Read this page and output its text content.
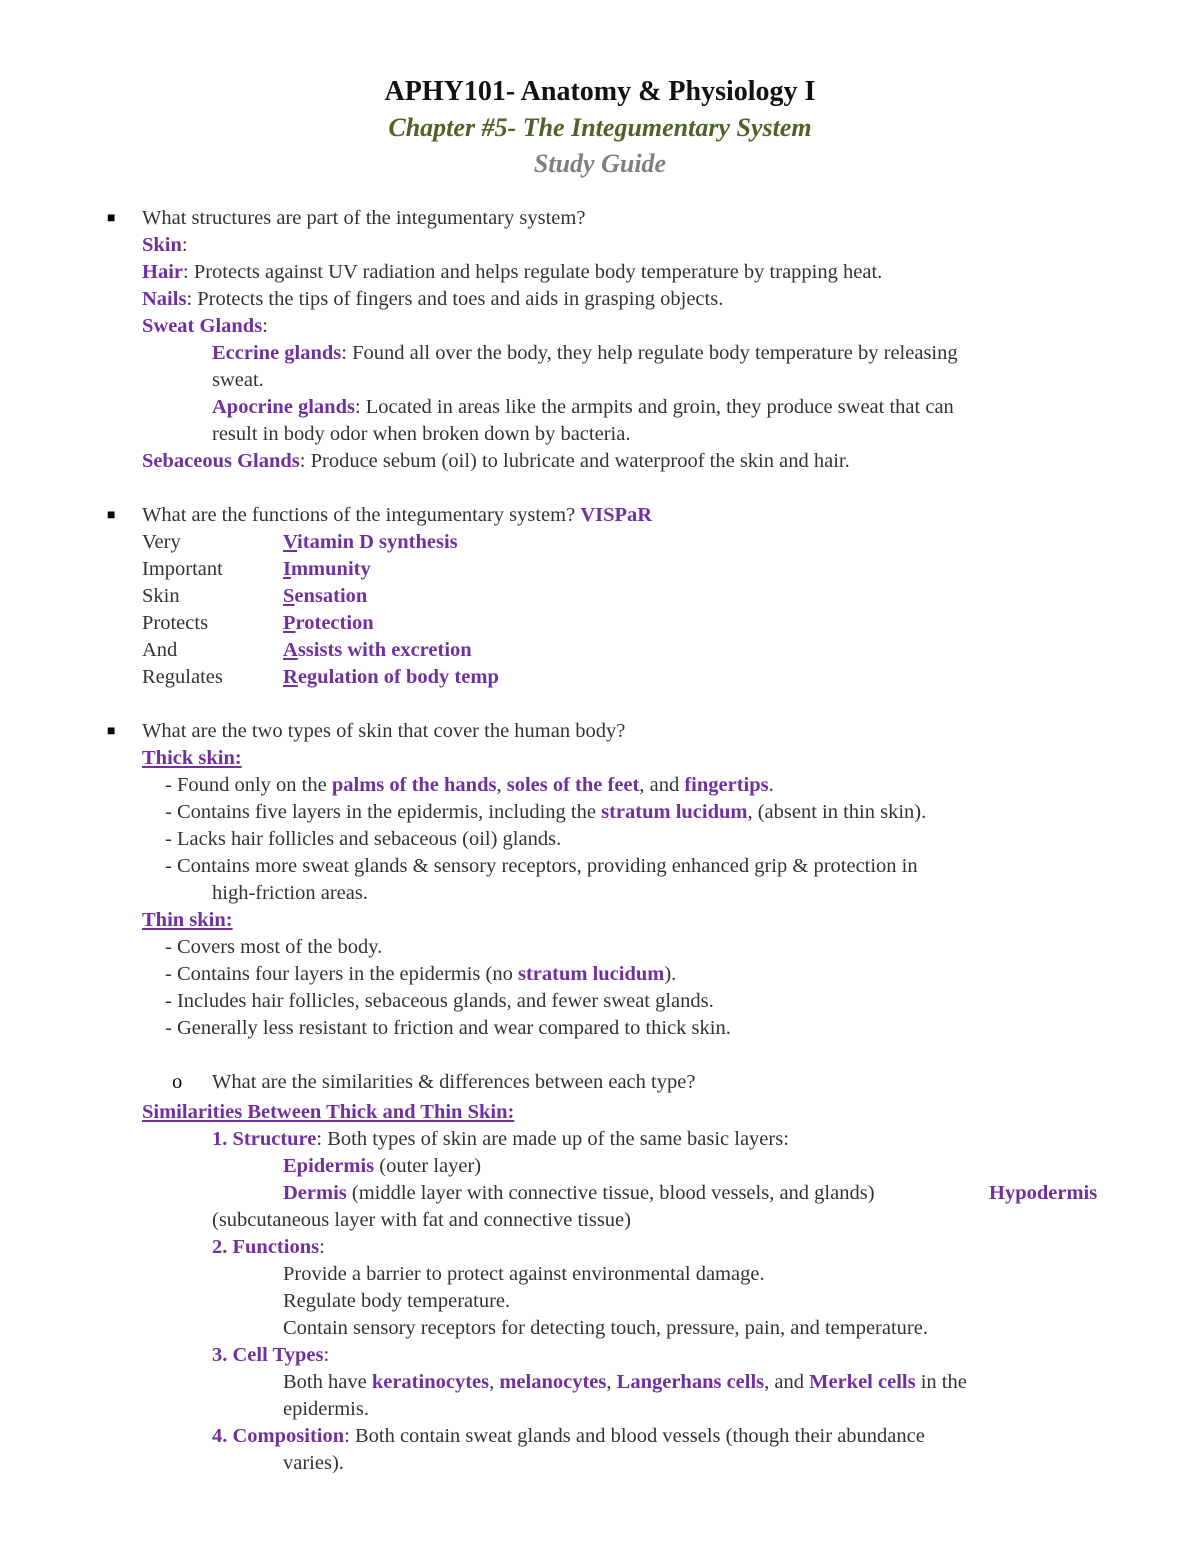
APHY101- Anatomy & Physiology I
Chapter #5- The Integumentary System
Study Guide
■ What structures are part of the integumentary system?
Skin:
Hair: Protects against UV radiation and helps regulate body temperature by trapping heat.
Nails: Protects the tips of fingers and toes and aids in grasping objects.
Sweat Glands:
Eccrine glands: Found all over the body, they help regulate body temperature by releasing
sweat.
Apocrine glands: Located in areas like the armpits and groin, they produce sweat that can
result in body odor when broken down by bacteria.
Sebaceous Glands: Produce sebum (oil) to lubricate and waterproof the skin and hair.
■ What are the functions of the integumentary system? VISPaR
Very	Vitamin D synthesis
Important	Immunity
Skin	Sensation
Protects	Protection
And	Assists with excretion
Regulates	Regulation of body temp
■ What are the two types of skin that cover the human body?
Thick skin:
- Found only on the palms of the hands, soles of the feet, and fingertips.
- Contains five layers in the epidermis, including the stratum lucidum, (absent in thin skin).
- Lacks hair follicles and sebaceous (oil) glands.
- Contains more sweat glands & sensory receptors, providing enhanced grip & protection in
high-friction areas.
Thin skin:
- Covers most of the body.
- Contains four layers in the epidermis (no stratum lucidum).
- Includes hair follicles, sebaceous glands, and fewer sweat glands.
- Generally less resistant to friction and wear compared to thick skin.
o What are the similarities & differences between each type?
Similarities Between Thick and Thin Skin:
1. Structure: Both types of skin are made up of the same basic layers:
Epidermis (outer layer)
Dermis (middle layer with connective tissue, blood vessels, and glands)	Hypodermis
(subcutaneous layer with fat and connective tissue)
2. Functions:
Provide a barrier to protect against environmental damage.
Regulate body temperature.
Contain sensory receptors for detecting touch, pressure, pain, and temperature.
3. Cell Types:
Both have keratinocytes, melanocytes, Langerhans cells, and Merkel cells in the
epidermis.
4. Composition: Both contain sweat glands and blood vessels (though their abundance
varies).
